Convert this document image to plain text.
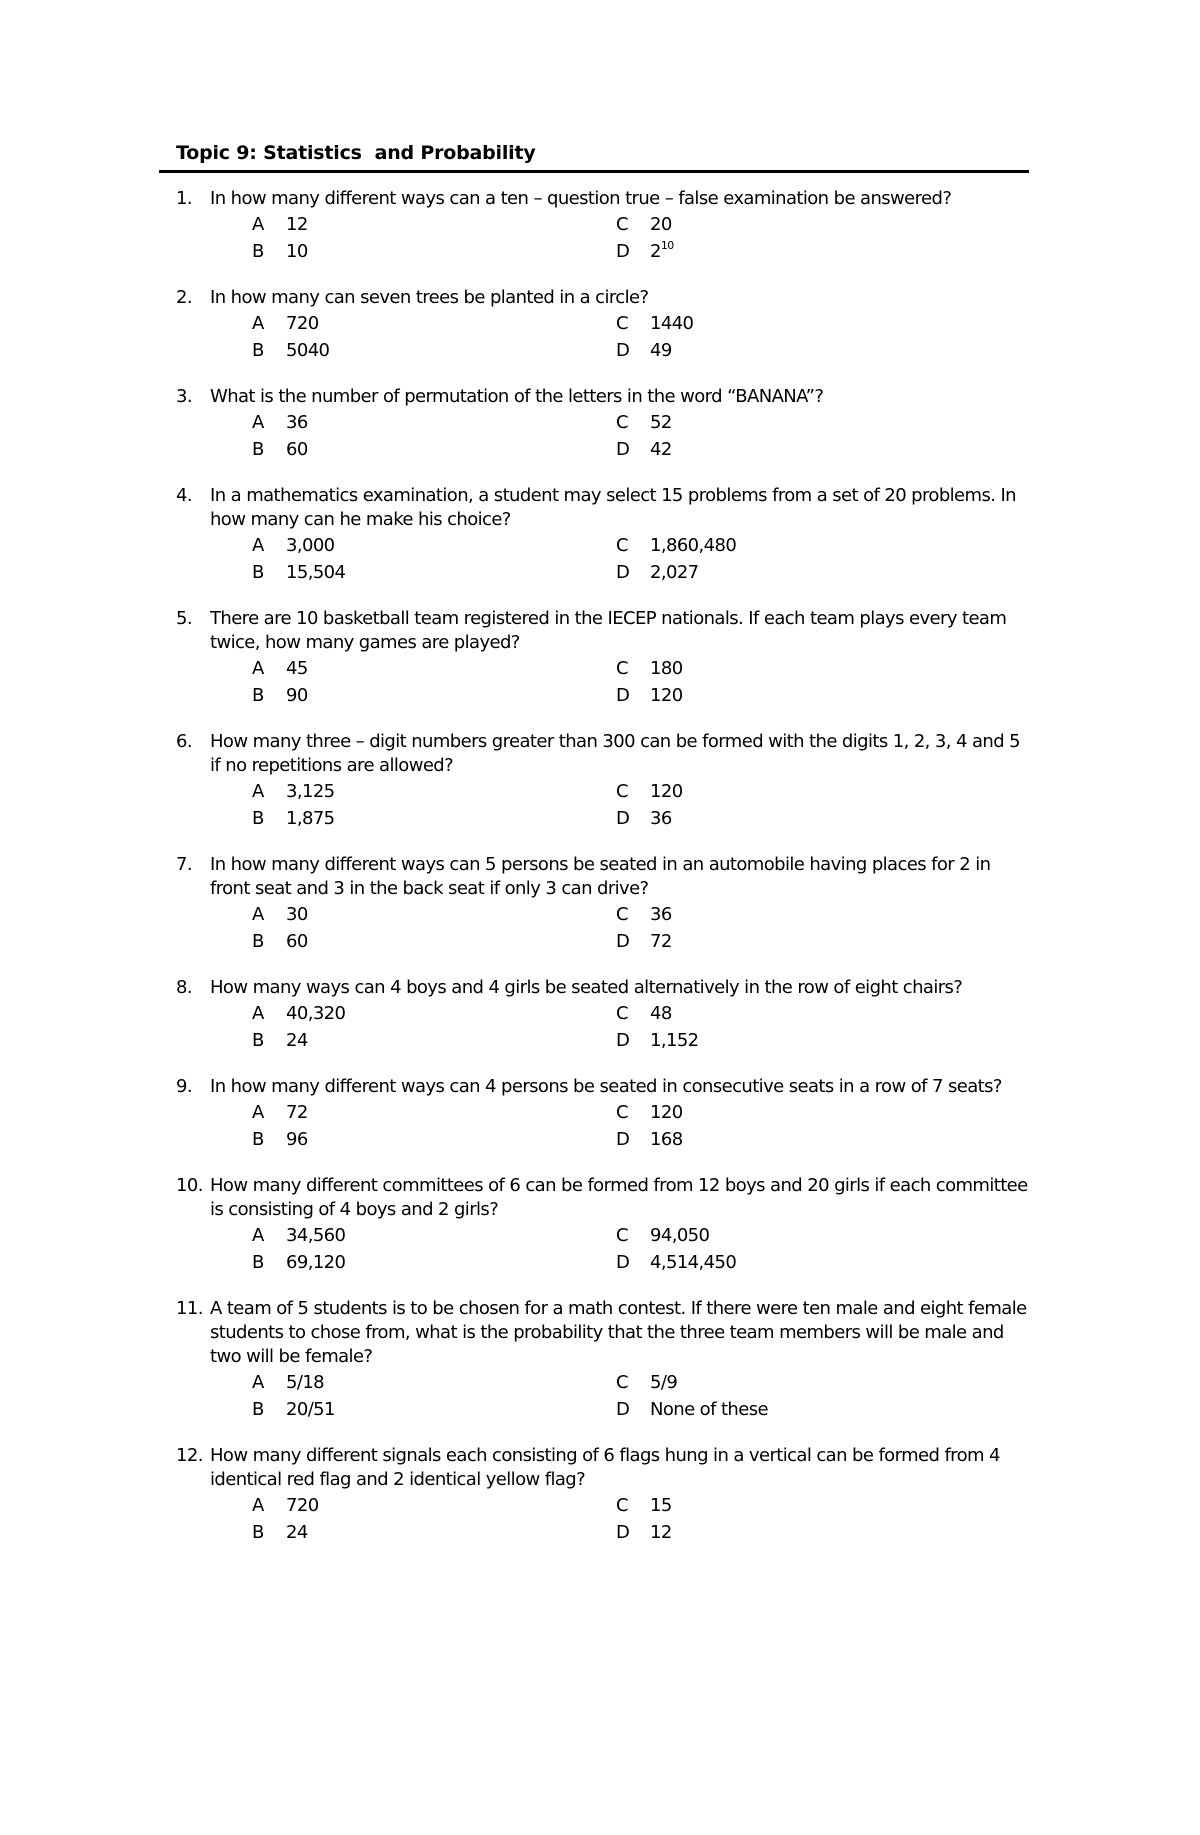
Topic 9: Statistics  and Probability
1.	In how many different ways can a ten – question true – false examination be answered?
A	12	C	20
B	10	D	$2^{10}$
2.	In how many can seven trees be planted in a circle?
A	720	C	1440
B	5040	D	49
3.	What is the number of permutation of the letters in the word “BANANA”?
A	36	C	52
B	60	D	42
4.	In a mathematics examination, a student may select 15 problems from a set of 20 problems. In how many can he make his choice?
A	3,000	C	1,860,480
B	15,504	D	2,027
5.	There are 10 basketball team registered in the IECEP nationals. If each team plays every team twice, how many games are played?
A	45	C	180
B	90	D	120
6.	How many three – digit numbers greater than 300 can be formed with the digits 1, 2, 3, 4 and 5 if no repetitions are allowed?
A	3,125	C	120
B	1,875	D	36
7.	In how many different ways can 5 persons be seated in an automobile having places for 2 in front seat and 3 in the back seat if only 3 can drive?
A	30	C	36
B	60	D	72
8.	How many ways can 4 boys and 4 girls be seated alternatively in the row of eight chairs?
A	40,320	C	48
B	24	D	1,152
9.	In how many different ways can 4 persons be seated in consecutive seats in a row of 7 seats?
A	72	C	120
B	96	D	168
10. How many different committees of 6 can be formed from 12 boys and 20 girls if each committee is consisting of 4 boys and 2 girls?
A	34,560	C	94,050
B	69,120	D	4,514,450
11. A team of 5 students is to be chosen for a math contest. If there were ten male and eight female students to chose from, what is the probability that the three team members will be male and two will be female?
A	5/18	C	5/9
B	20/51	D	None of these
12. How many different signals each consisting of 6 flags hung in a vertical can be formed from 4 identical red flag and 2 identical yellow flag?
A	720	C	15
B	24	D	12
